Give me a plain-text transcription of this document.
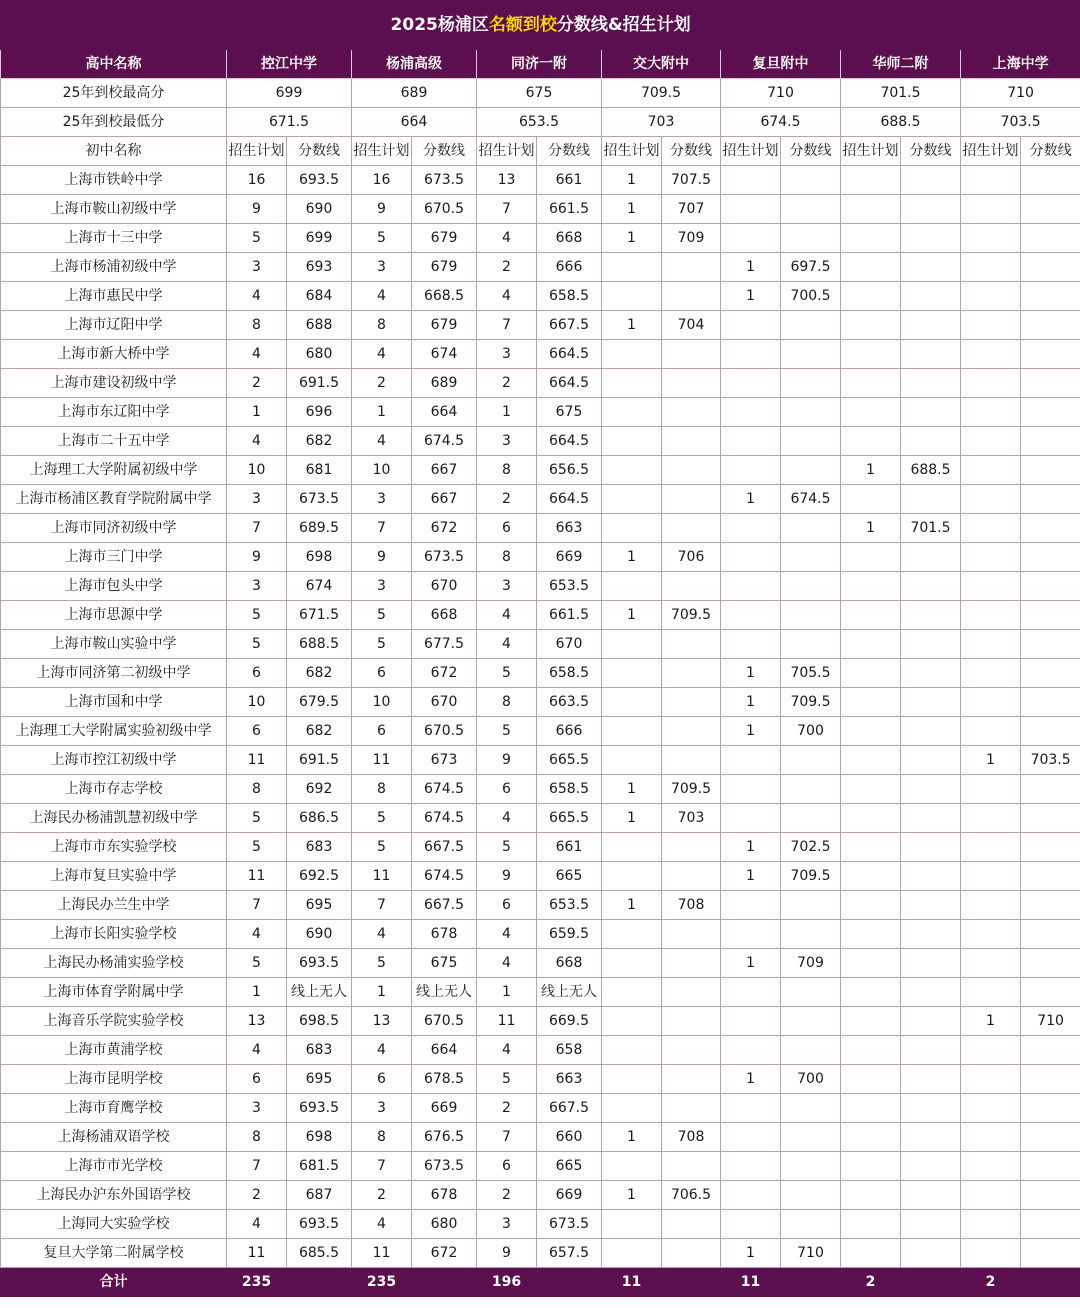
2025杨浦区名额到校分数线&招生计划														
高中名称	控江中学		杨浦高级		同济一附		交大附中		复旦附中		华师二附		上海中学	
25年到校最高分	699		689		675		709.5		710		701.5		710	
25年到校最低分	671.5		664		653.5		703		674.5		688.5		703.5	
初中名称	招生计划	分数线	招生计划	分数线	招生计划	分数线	招生计划	分数线	招生计划	分数线	招生计划	分数线	招生计划	分数线
上海市铁岭中学	16	693.5	16	673.5	13	661	1	707.5						
上海市鞍山初级中学	9	690	9	670.5	7	661.5	1	707						
上海市十三中学	5	699	5	679	4	668	1	709						
上海市杨浦初级中学	3	693	3	679	2	666			1	697.5				
上海市惠民中学	4	684	4	668.5	4	658.5			1	700.5				
上海市辽阳中学	8	688	8	679	7	667.5	1	704						
上海市新大桥中学	4	680	4	674	3	664.5								
上海市建设初级中学	2	691.5	2	689	2	664.5								
上海市东辽阳中学	1	696	1	664	1	675								
上海市二十五中学	4	682	4	674.5	3	664.5								
上海理工大学附属初级中学	10	681	10	667	8	656.5					1	688.5		
上海市杨浦区教育学院附属中学	3	673.5	3	667	2	664.5			1	674.5				
上海市同济初级中学	7	689.5	7	672	6	663					1	701.5		
上海市三门中学	9	698	9	673.5	8	669	1	706						
上海市包头中学	3	674	3	670	3	653.5								
上海市思源中学	5	671.5	5	668	4	661.5	1	709.5						
上海市鞍山实验中学	5	688.5	5	677.5	4	670								
上海市同济第二初级中学	6	682	6	672	5	658.5			1	705.5				
上海市国和中学	10	679.5	10	670	8	663.5			1	709.5				
上海理工大学附属实验初级中学	6	682	6	670.5	5	666			1	700				
上海市控江初级中学	11	691.5	11	673	9	665.5							1	703.5
上海市存志学校	8	692	8	674.5	6	658.5	1	709.5						
上海民办杨浦凯慧初级中学	5	686.5	5	674.5	4	665.5	1	703						
上海市市东实验学校	5	683	5	667.5	5	661			1	702.5				
上海市复旦实验中学	11	692.5	11	674.5	9	665			1	709.5				
上海民办兰生中学	7	695	7	667.5	6	653.5	1	708						
上海市长阳实验学校	4	690	4	678	4	659.5								
上海民办杨浦实验学校	5	693.5	5	675	4	668			1	709				
上海市体育学附属中学	1	线上无人	1	线上无人	1	线上无人								
上海音乐学院实验学校	13	698.5	13	670.5	11	669.5							1	710
上海市黄浦学校	4	683	4	664	4	658								
上海市昆明学校	6	695	6	678.5	5	663			1	700				
上海市育鹰学校	3	693.5	3	669	2	667.5								
上海杨浦双语学校	8	698	8	676.5	7	660	1	708						
上海市市光学校	7	681.5	7	673.5	6	665								
上海民办沪东外国语学校	2	687	2	678	2	669	1	706.5						
上海同大实验学校	4	693.5	4	680	3	673.5								
复旦大学第二附属学校	11	685.5	11	672	9	657.5			1	710				
合计	235		235		196		11		11		2		2	
